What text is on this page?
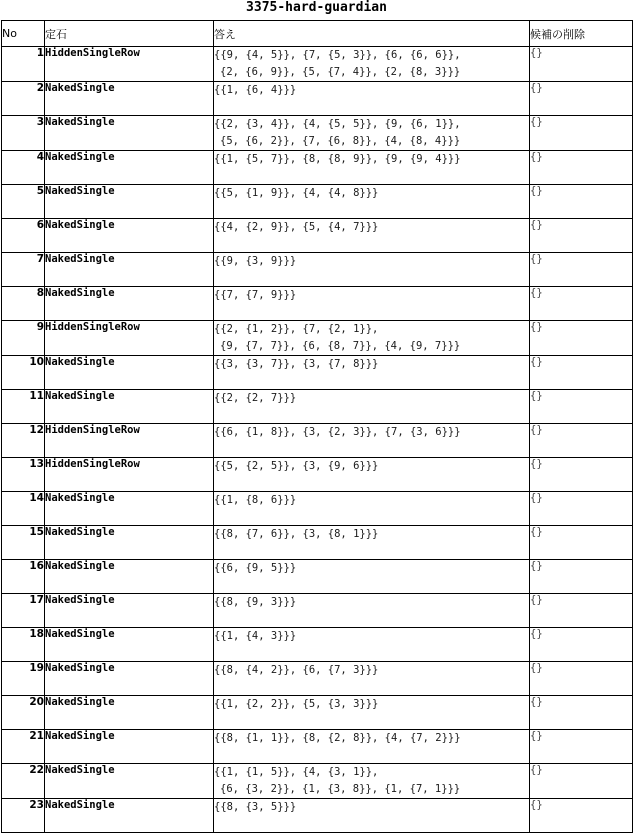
3375-hard-guardian
No	定石	答え	候補の削除
1	HiddenSingleRow	{{9, {4, 5}}, {7, {5, 3}}, {6, {6, 6}},
{2, {6, 9}}, {5, {7, 4}}, {2, {8, 3}}}	{}
2	NakedSingle	{{1, {6, 4}}}	{}
3	NakedSingle	{{2, {3, 4}}, {4, {5, 5}}, {9, {6, 1}},
{5, {6, 2}}, {7, {6, 8}}, {4, {8, 4}}}	{}
4	NakedSingle	{{1, {5, 7}}, {8, {8, 9}}, {9, {9, 4}}}	{}
5	NakedSingle	{{5, {1, 9}}, {4, {4, 8}}}	{}
6	NakedSingle	{{4, {2, 9}}, {5, {4, 7}}}	{}
7	NakedSingle	{{9, {3, 9}}}	{}
8	NakedSingle	{{7, {7, 9}}}	{}
9	HiddenSingleRow	{{2, {1, 2}}, {7, {2, 1}},
{9, {7, 7}}, {6, {8, 7}}, {4, {9, 7}}}	{}
10	NakedSingle	{{3, {3, 7}}, {3, {7, 8}}}	{}
11	NakedSingle	{{2, {2, 7}}}	{}
12	HiddenSingleRow	{{6, {1, 8}}, {3, {2, 3}}, {7, {3, 6}}}	{}
13	HiddenSingleRow	{{5, {2, 5}}, {3, {9, 6}}}	{}
14	NakedSingle	{{1, {8, 6}}}	{}
15	NakedSingle	{{8, {7, 6}}, {3, {8, 1}}}	{}
16	NakedSingle	{{6, {9, 5}}}	{}
17	NakedSingle	{{8, {9, 3}}}	{}
18	NakedSingle	{{1, {4, 3}}}	{}
19	NakedSingle	{{8, {4, 2}}, {6, {7, 3}}}	{}
20	NakedSingle	{{1, {2, 2}}, {5, {3, 3}}}	{}
21	NakedSingle	{{8, {1, 1}}, {8, {2, 8}}, {4, {7, 2}}}	{}
22	NakedSingle	{{1, {1, 5}}, {4, {3, 1}},
{6, {3, 2}}, {1, {3, 8}}, {1, {7, 1}}}	{}
23	NakedSingle	{{8, {3, 5}}}	{}
